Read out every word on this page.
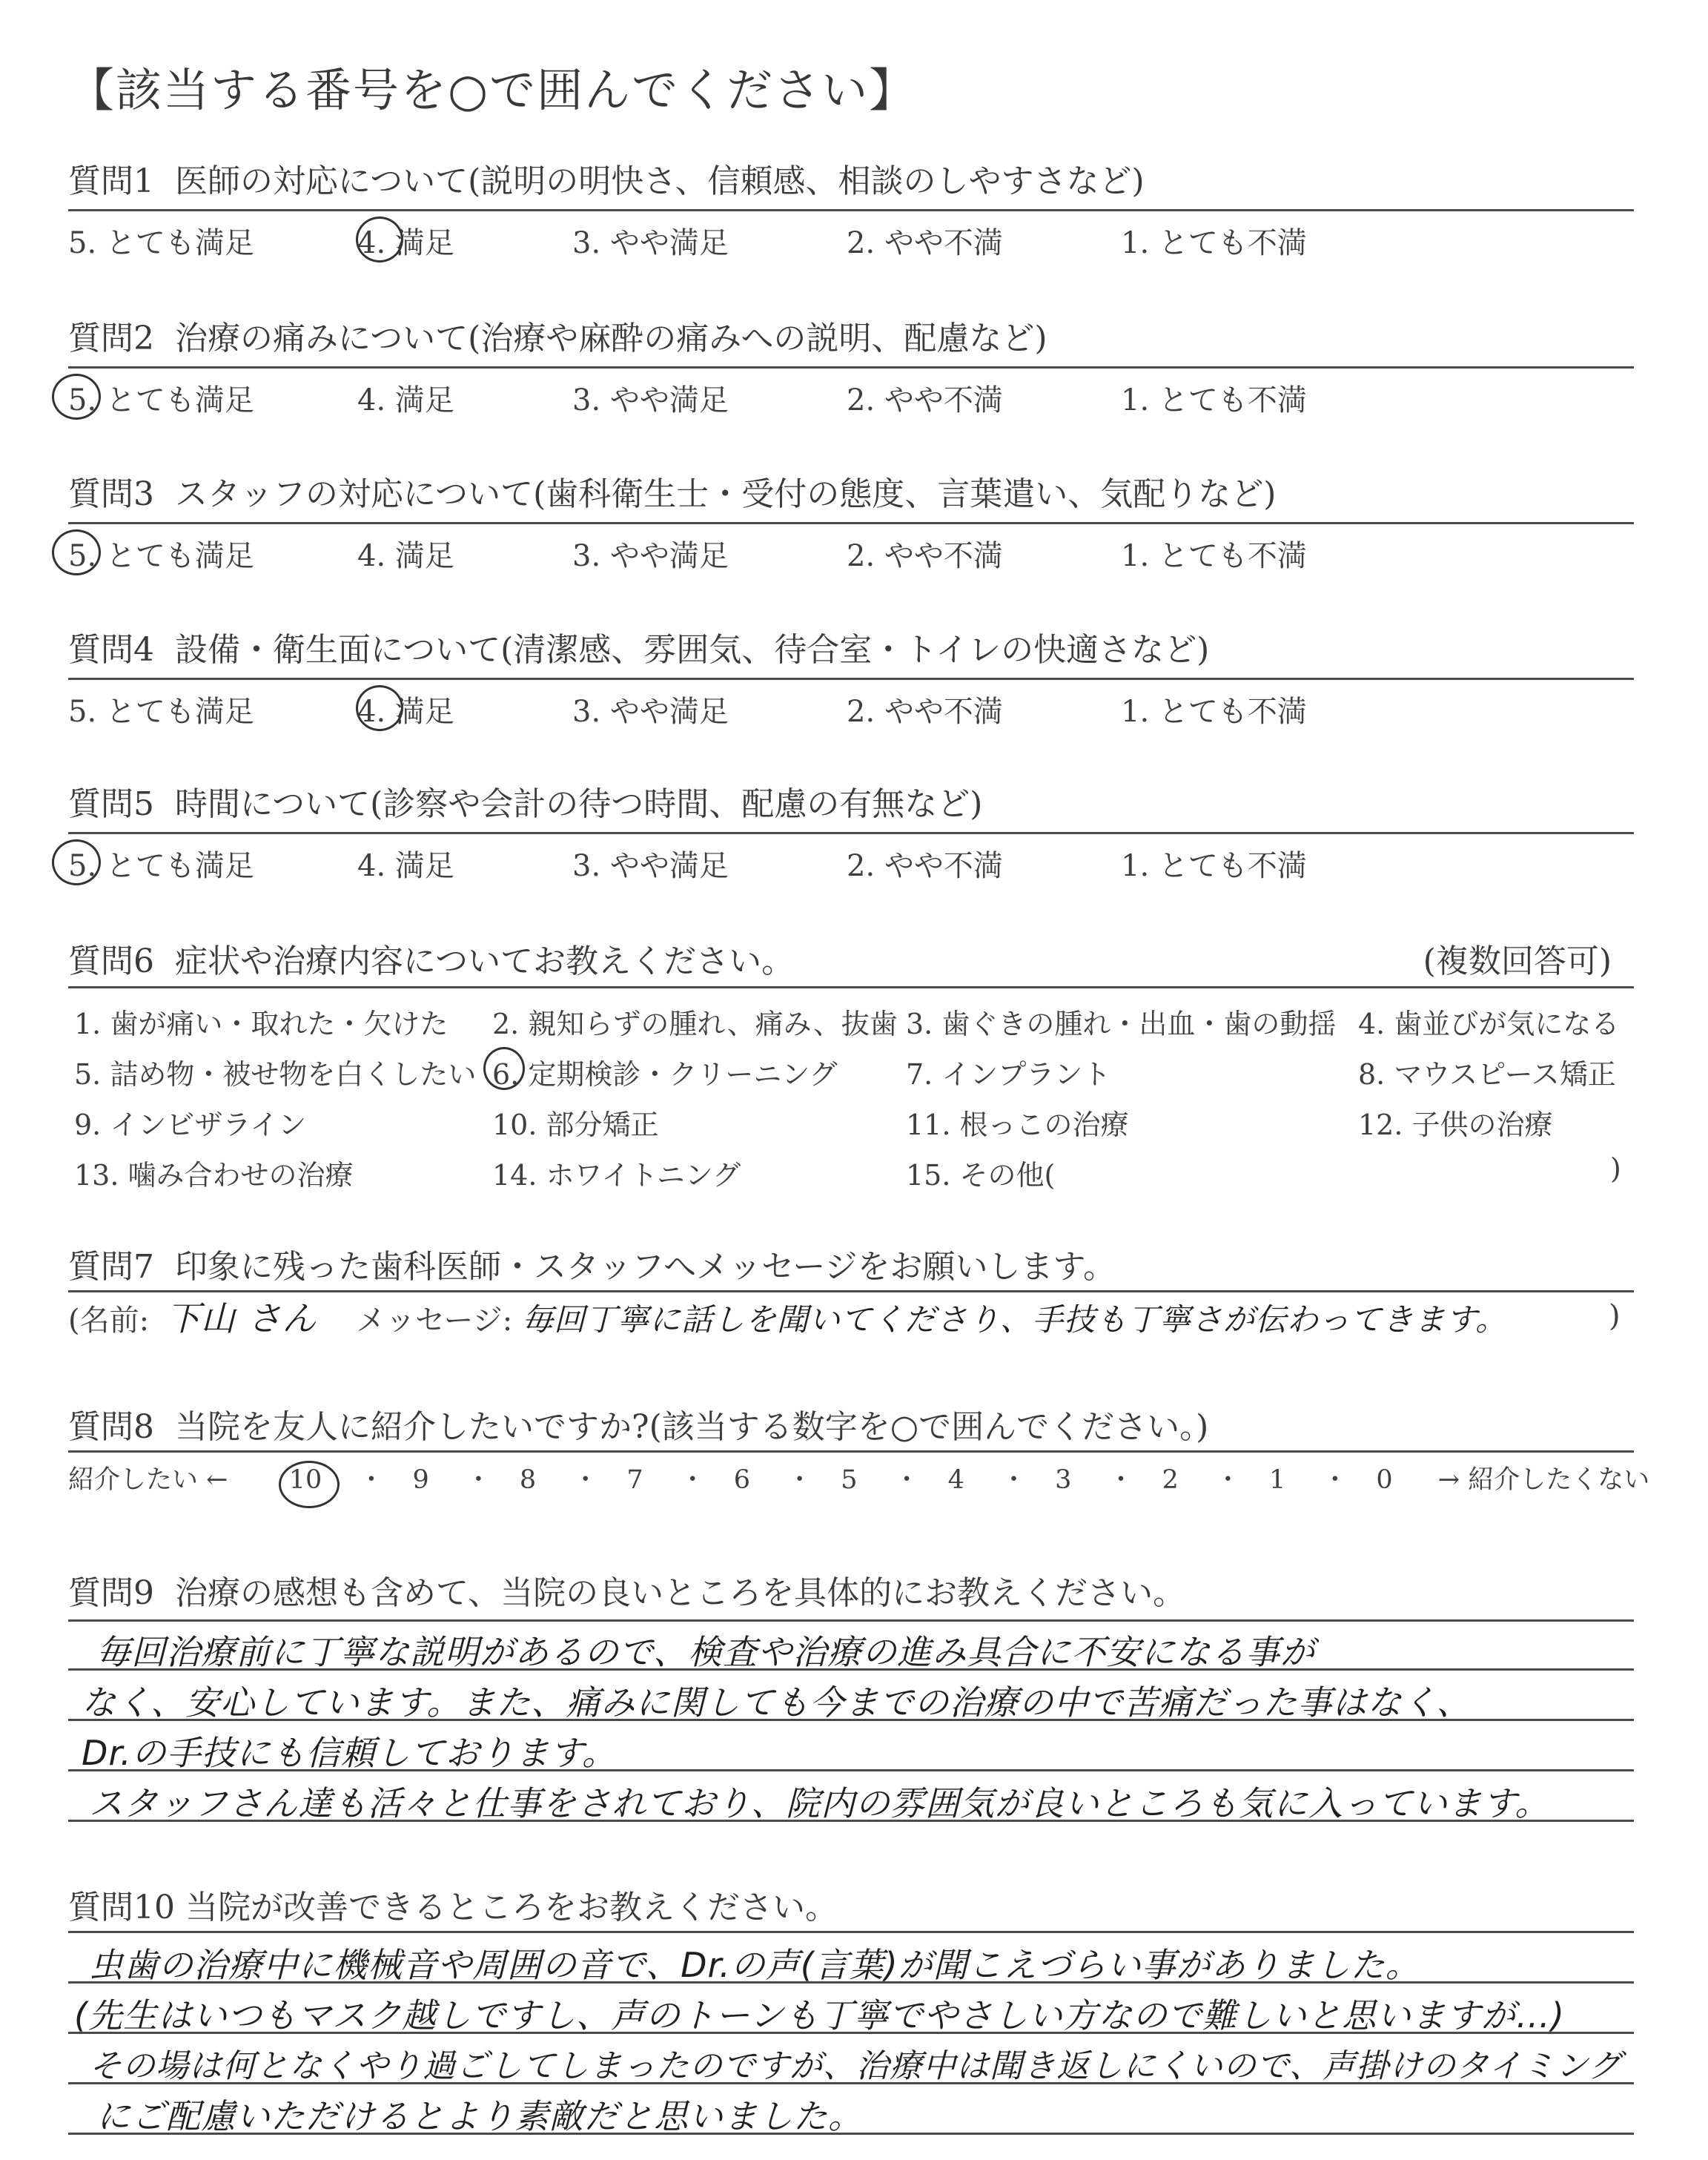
【該当する番号を○で囲んでください】
質問1 医師の対応について(説明の明快さ、信頼感、相談のしやすさなど)
5. とても満足	4. 満足	3. やや満足	2. やや不満	1. とても不満
質問2 治療の痛みについて(治療や麻酔の痛みへの説明、配慮など)
5. とても満足	4. 満足	3. やや満足	2. やや不満	1. とても不満
質問3 スタッフの対応について(歯科衛生士・受付の態度、言葉遣い、気配りなど)
5. とても満足	4. 満足	3. やや満足	2. やや不満	1. とても不満
質問4 設備・衛生面について(清潔感、雰囲気、待合室・トイレの快適さなど)
5. とても満足	4. 満足	3. やや満足	2. やや不満	1. とても不満
質問5 時間について(診察や会計の待つ時間、配慮の有無など)
5. とても満足	4. 満足	3. やや満足	2. やや不満	1. とても不満
質問6 症状や治療内容についてお教えください。	(複数回答可)
1. 歯が痛い・取れた・欠けた 2. 親知らずの腫れ、痛み、抜歯 3. 歯ぐきの腫れ・出血・歯の動揺 4. 歯並びが気になる
5. 詰め物・被せ物を白くしたい 6. 定期検診・クリーニング 7. インプラント	8. マウスピース矯正
9. インビザライン	10. 部分矯正	11. 根っこの治療	12. 子供の治療
13. 噛み合わせの治療	14. ホワイトニング	15. その他(	)
質問7 印象に残った歯科医師・スタッフへメッセージをお願いします。
(名前: 下山 さん メッセージ: 毎回丁寧に話しを聞いてくださり、手技も丁寧さが伝わってきます。	)
質問8 当院を友人に紹介したいですか?(該当する数字を○で囲んでください。)
紹介したい ← 10 ・ 9 ・ 8 ・ 7 ・ 6 ・ 5 ・ 4 ・ 3 ・ 2 ・ 1 ・ 0 → 紹介したくない
質問9 治療の感想も含めて、当院の良いところを具体的にお教えください。
毎回治療前に丁寧な説明があるので、検査や治療の進み具合に不安になる事が
なく、安心しています。また、痛みに関しても今までの治療の中で苦痛だった事はなく、
Dr.の手技にも信頼しております。
スタッフさん達も活々と仕事をされており、院内の雰囲気が良いところも気に入っています。
質問10 当院が改善できるところをお教えください。
虫歯の治療中に機械音や周囲の音で、Dr.の声(言葉)が聞こえづらい事がありました。
(先生はいつもマスク越しですし、声のトーンも丁寧でやさしい方なので難しいと思いますが…)
その場は何となくやり過ごしてしまったのですが、治療中は聞き返しにくいので、声掛けのタイミング
にご配慮いただけるとより素敵だと思いました。
